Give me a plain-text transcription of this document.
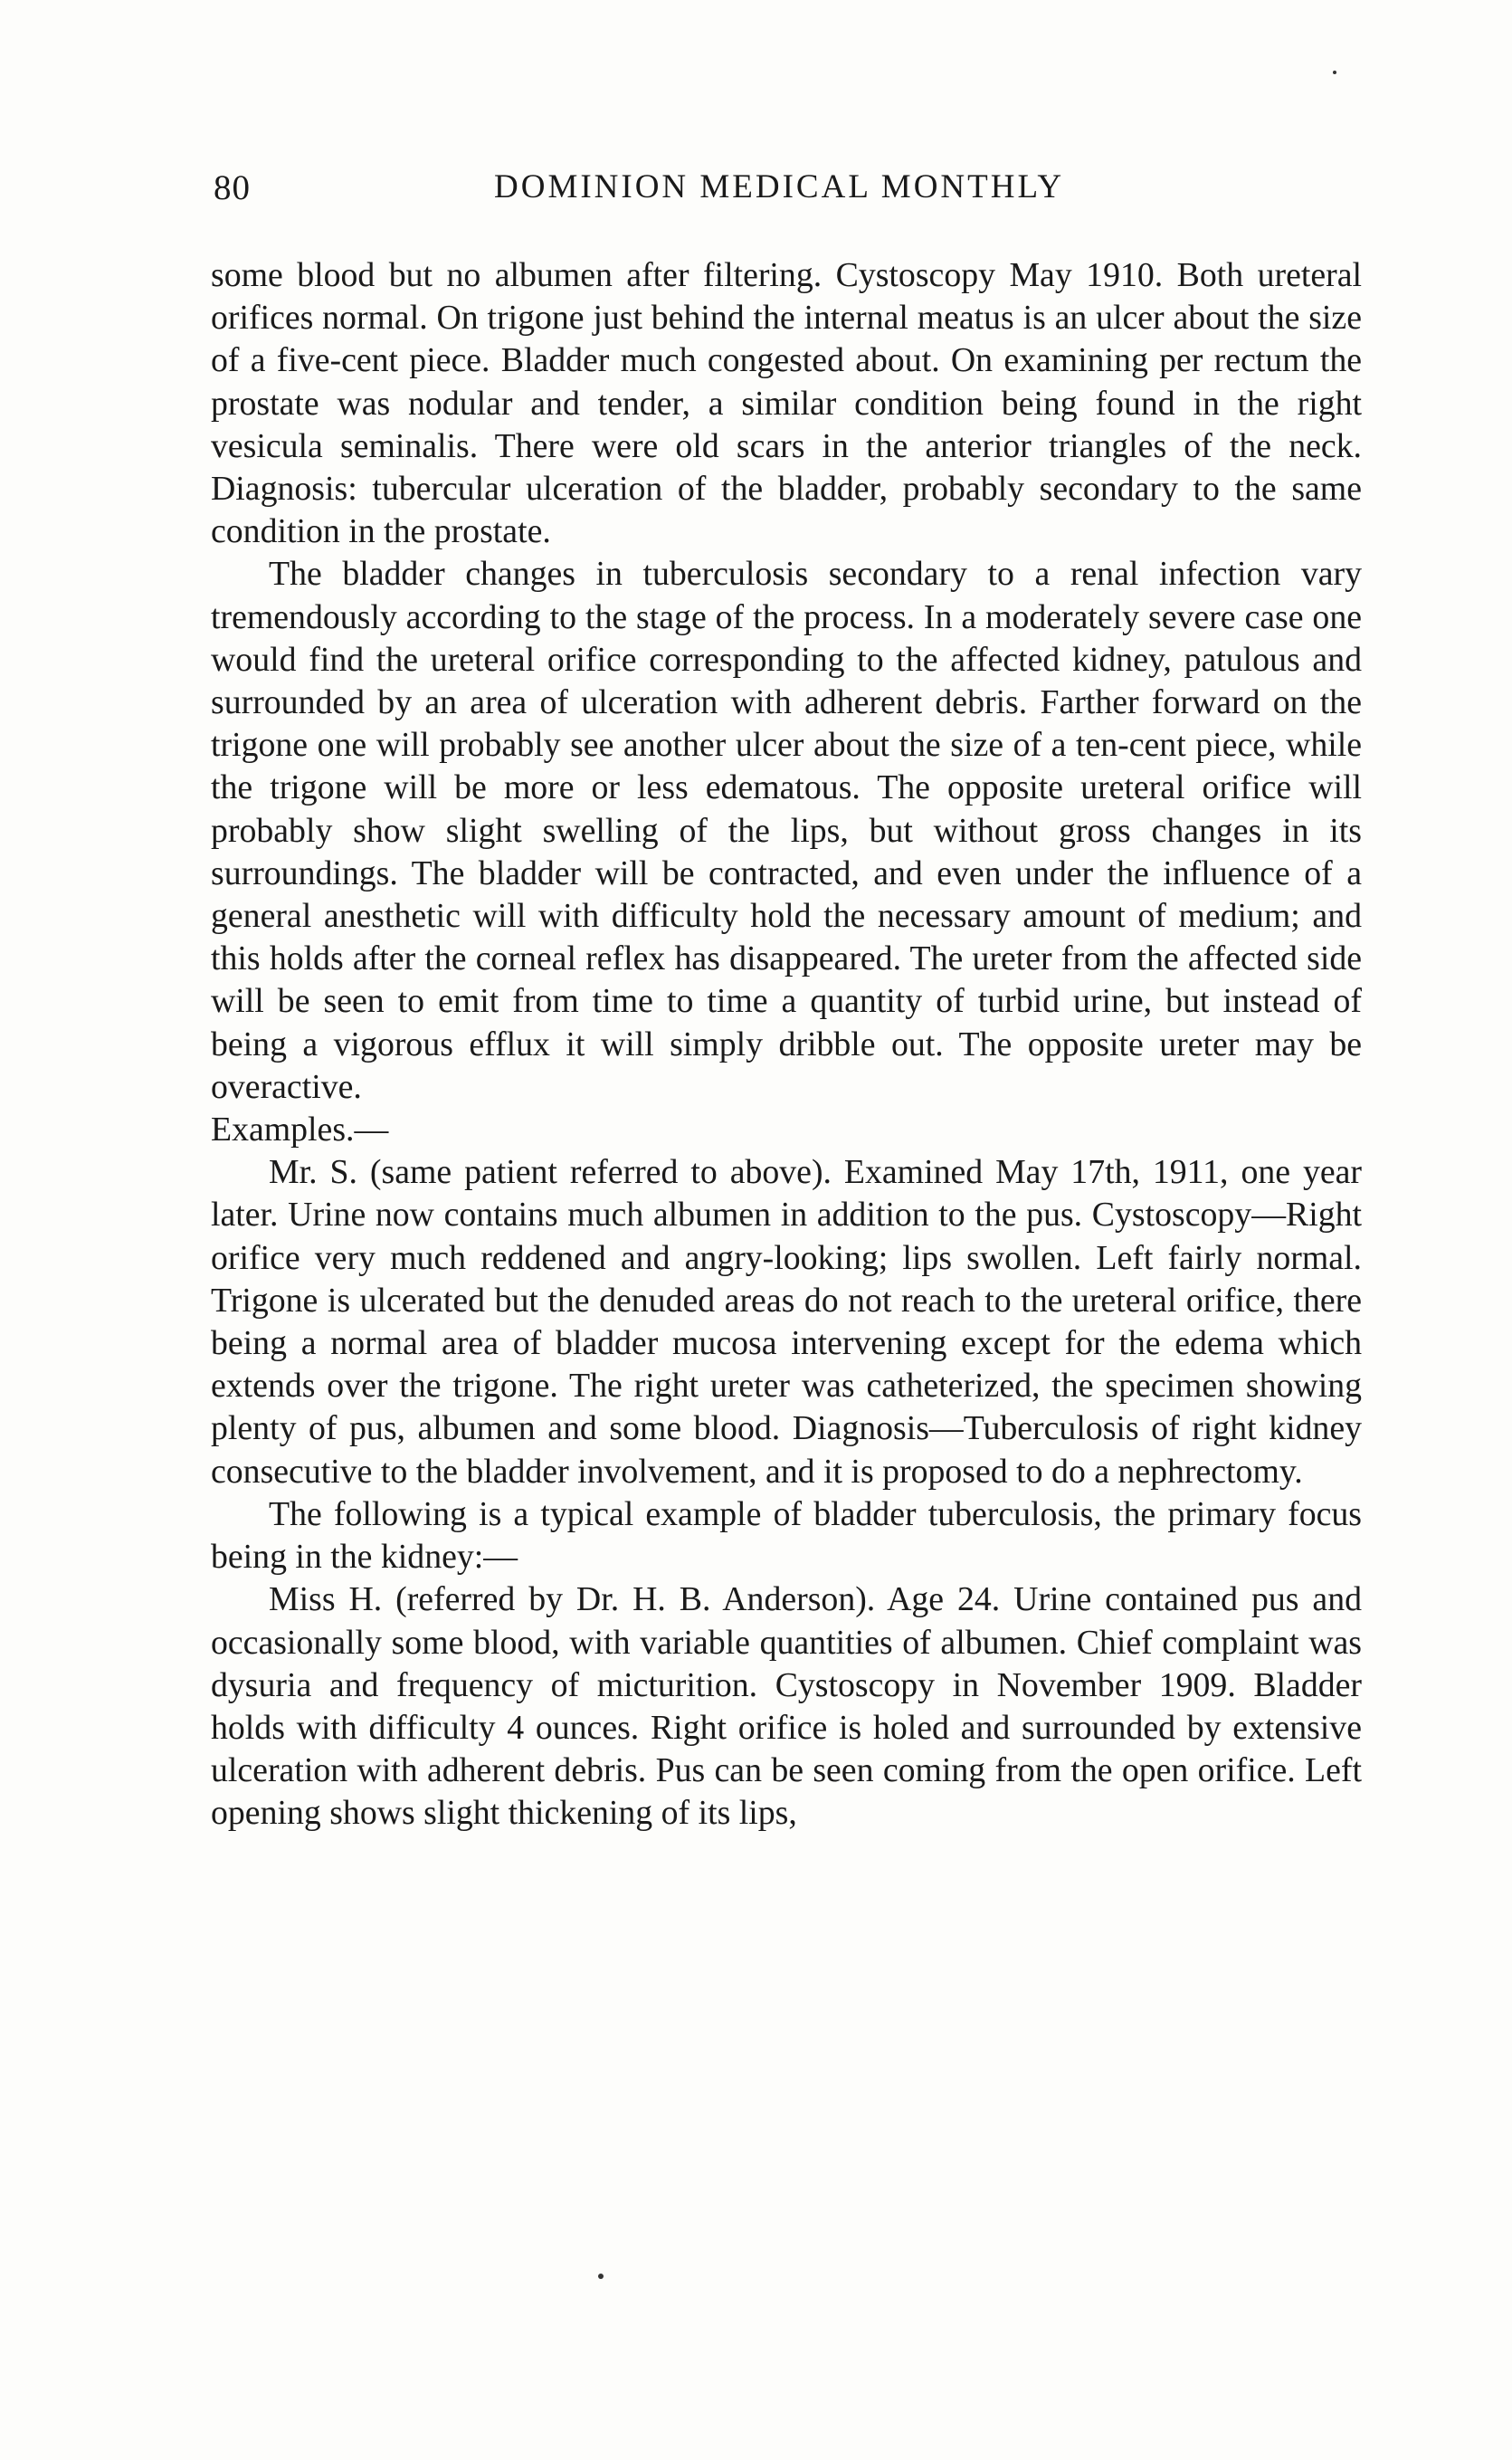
80	DOMINION MEDICAL MONTHLY

some blood but no albumen after filtering. Cystoscopy May 1910. Both ureteral orifices normal. On trigone just behind the internal meatus is an ulcer about the size of a five-cent piece. Bladder much congested about. On examining per rectum the prostate was nodular and tender, a similar condition being found in the right vesicula seminalis. There were old scars in the anterior triangles of the neck. Diagnosis: tubercular ulceration of the bladder, probably secondary to the same condition in the prostate.

The bladder changes in tuberculosis secondary to a renal infection vary tremendously according to the stage of the process. In a moderately severe case one would find the ureteral orifice corresponding to the affected kidney, patulous and surrounded by an area of ulceration with adherent debris. Farther forward on the trigone one will probably see another ulcer about the size of a ten-cent piece, while the trigone will be more or less edematous. The opposite ureteral orifice will probably show slight swelling of the lips, but without gross changes in its surroundings. The bladder will be contracted, and even under the influence of a general anesthetic will with difficulty hold the necessary amount of medium; and this holds after the corneal reflex has disappeared. The ureter from the affected side will be seen to emit from time to time a quantity of turbid urine, but instead of being a vigorous efflux it will simply dribble out. The opposite ureter may be overactive.

Examples.—

Mr. S. (same patient referred to above). Examined May 17th, 1911, one year later. Urine now contains much albumen in addition to the pus. Cystoscopy—Right orifice very much reddened and angry-looking; lips swollen. Left fairly normal. Trigone is ulcerated but the denuded areas do not reach to the ureteral orifice, there being a normal area of bladder mucosa intervening except for the edema which extends over the trigone. The right ureter was catheterized, the specimen showing plenty of pus, albumen and some blood. Diagnosis—Tuberculosis of right kidney consecutive to the bladder involvement, and it is proposed to do a nephrectomy.

The following is a typical example of bladder tuberculosis, the primary focus being in the kidney:—

Miss H. (referred by Dr. H. B. Anderson). Age 24. Urine contained pus and occasionally some blood, with variable quantities of albumen. Chief complaint was dysuria and frequency of micturition. Cystoscopy in November 1909. Bladder holds with difficulty 4 ounces. Right orifice is holed and surrounded by extensive ulceration with adherent debris. Pus can be seen coming from the open orifice. Left opening shows slight thickening of its lips,
